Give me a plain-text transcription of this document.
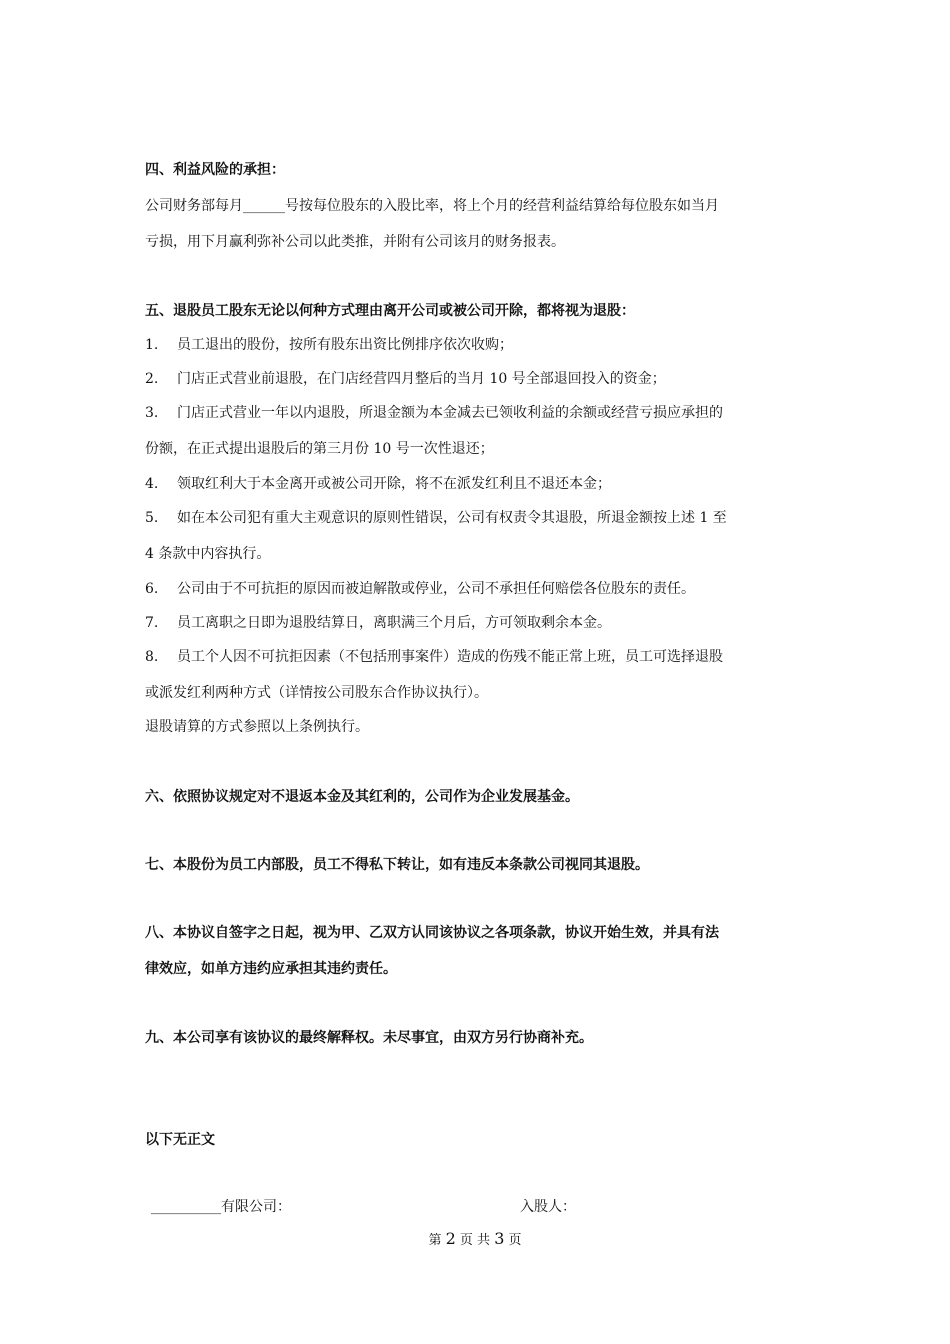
四、利益风险的承担：
公司财务部每月______号按每位股东的入股比率，将上个月的经营利益结算给每位股东如当月
亏损，用下月赢利弥补公司以此类推，并附有公司该月的财务报表。
五、退股员工股东无论以何种方式理由离开公司或被公司开除，都将视为退股：
1. 员工退出的股份，按所有股东出资比例排序依次收购；
2. 门店正式营业前退股，在门店经营四月整后的当月 10 号全部退回投入的资金；
3. 门店正式营业一年以内退股，所退金额为本金减去已领收利益的余额或经营亏损应承担的
份额，在正式提出退股后的第三月份 10 号一次性退还；
4. 领取红利大于本金离开或被公司开除，将不在派发红利且不退还本金；
5. 如在本公司犯有重大主观意识的原则性错误，公司有权责令其退股，所退金额按上述 1 至
4 条款中内容执行。
6. 公司由于不可抗拒的原因而被迫解散或停业，公司不承担任何赔偿各位股东的责任。
7. 员工离职之日即为退股结算日，离职满三个月后，方可领取剩余本金。
8. 员工个人因不可抗拒因素（不包括刑事案件）造成的伤残不能正常上班，员工可选择退股
或派发红利两种方式（详情按公司股东合作协议执行）。
退股请算的方式参照以上条例执行。
六、依照协议规定对不退返本金及其红利的，公司作为企业发展基金。
七、本股份为员工内部股，员工不得私下转让，如有违反本条款公司视同其退股。
八、本协议自签字之日起，视为甲、乙双方认同该协议之各项条款，协议开始生效，并具有法
律效应，如单方违约应承担其违约责任。
九、本公司享有该协议的最终解释权。未尽事宜，由双方另行协商补充。
以下无正文
__________有限公司：	入股人：
第 2 页 共 3 页
